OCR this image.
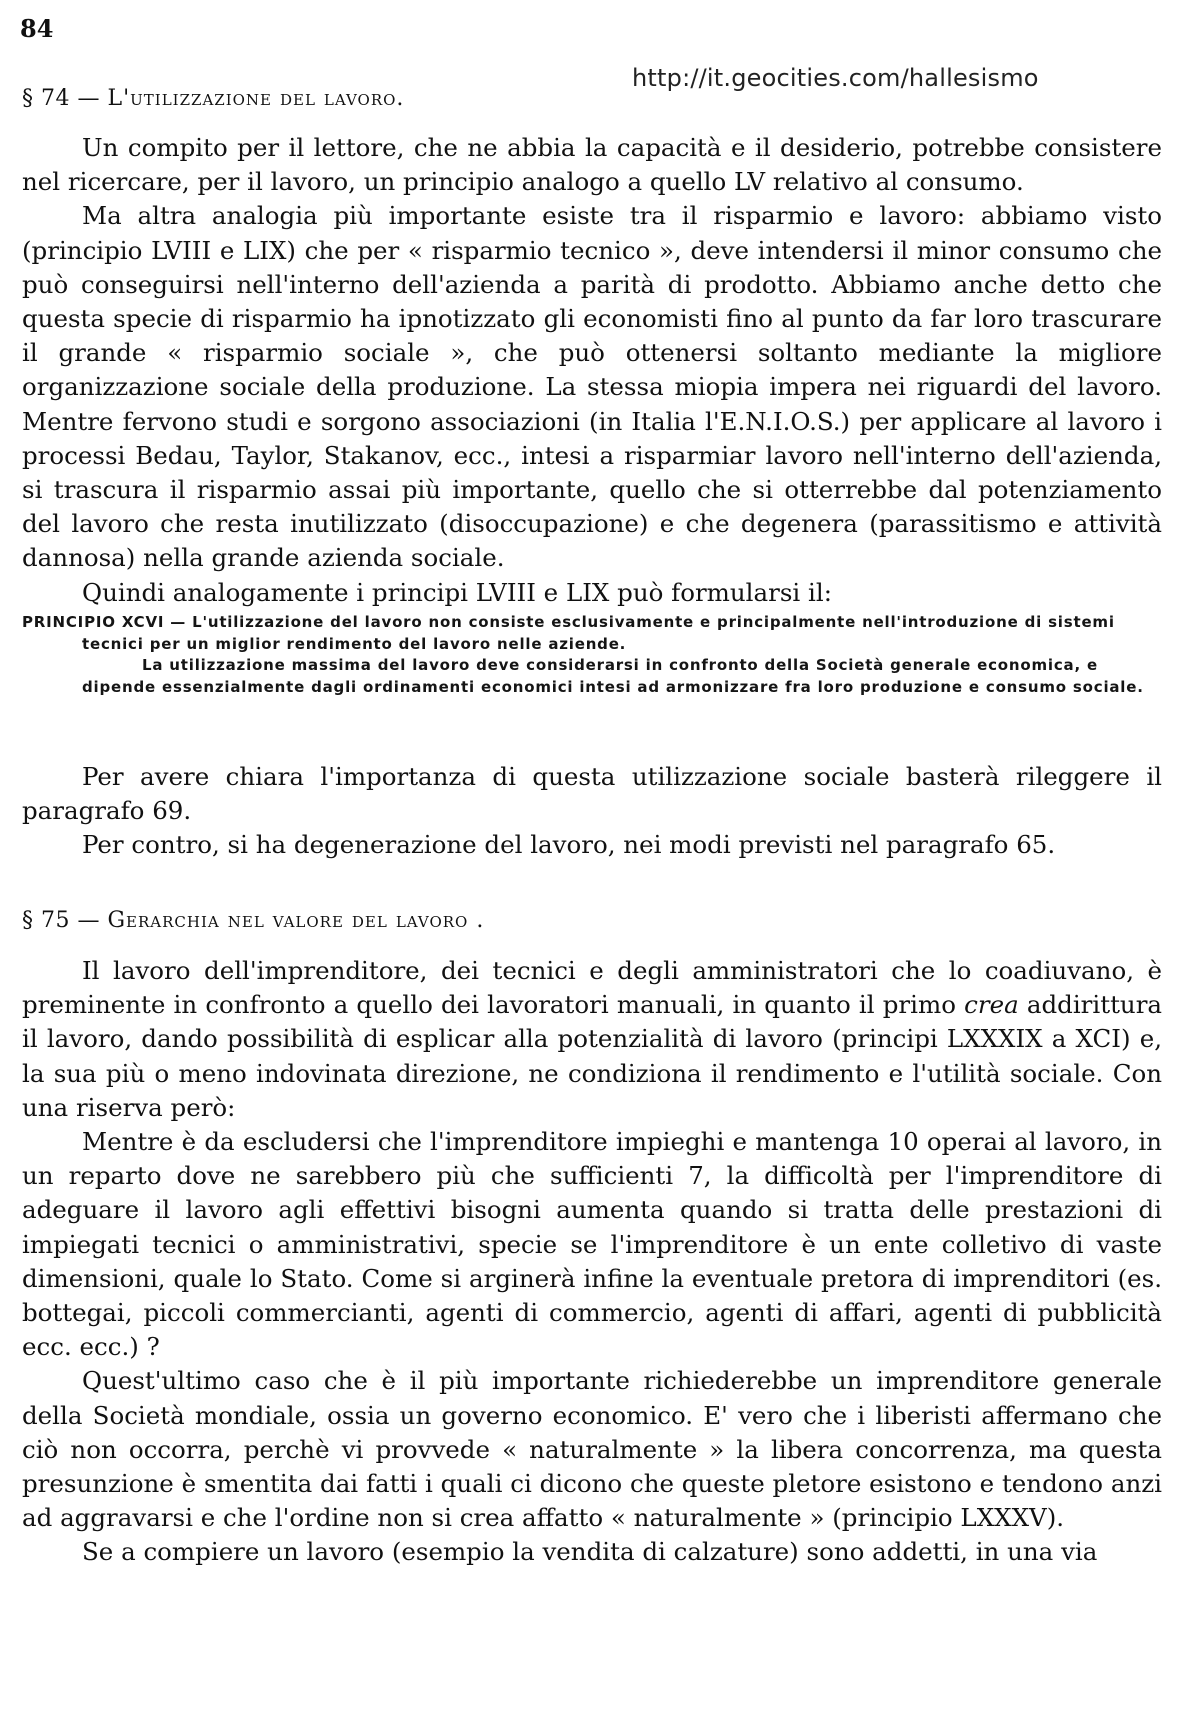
84
http://it.geocities.com/hallesismo
§ 74 — L'utilizzazione del lavoro.

Un compito per il lettore, che ne abbia la capacità e il desiderio, potrebbe consistere nel ricercare, per il lavoro, un principio analogo a quello LV relativo al consumo.

Ma altra analogia più importante esiste tra il risparmio e lavoro: abbiamo visto (principio LVIII e LIX) che per « risparmio tecnico », deve intendersi il minor consumo che può conseguirsi nell'interno dell'azienda a parità di prodotto. Abbiamo anche detto che questa specie di risparmio ha ipnotizzato gli economisti fino al punto da far loro trascurare il grande « risparmio sociale », che può ottenersi soltanto mediante la migliore organizzazione sociale della produzione. La stessa miopia impera nei riguardi del lavoro. Mentre fervono studi e sorgono associazioni (in Italia l'E.N.I.O.S.) per applicare al lavoro i processi Bedau, Taylor, Stakanov, ecc., intesi a risparmiar lavoro nell'interno dell'azienda, si trascura il risparmio assai più importante, quello che si otterrebbe dal potenziamento del lavoro che resta inutilizzato (disoccupazione) e che degenera (parassitismo e attività dannosa) nella grande azienda sociale.

Quindi analogamente i principi LVIII e LIX può formularsi il:

PRINCIPIO XCVI — L'utilizzazione del lavoro non consiste esclusivamente e principalmente nell'introduzione di sistemi tecnici per un miglior rendimento del lavoro nelle aziende.

La utilizzazione massima del lavoro deve considerarsi in confronto della Società generale economica, e dipende essenzialmente dagli ordinamenti economici intesi ad armonizzare fra loro produzione e consumo sociale.

Per avere chiara l'importanza di questa utilizzazione sociale basterà rileggere il paragrafo 69.

Per contro, si ha degenerazione del lavoro, nei modi previsti nel paragrafo 65.

§ 75 — Gerarchia nel valore del lavoro .

Il lavoro dell'imprenditore, dei tecnici e degli amministratori che lo coadiuvano, è preminente in confronto a quello dei lavoratori manuali, in quanto il primo crea addirittura il lavoro, dando possibilità di esplicar alla potenzialità di lavoro (principi LXXXIX a XCI) e, la sua più o meno indovinata direzione, ne condiziona il rendimento e l'utilità sociale. Con una riserva però:

Mentre è da escludersi che l'imprenditore impieghi e mantenga 10 operai al lavoro, in un reparto dove ne sarebbero più che sufficienti 7, la difficoltà per l'imprenditore di adeguare il lavoro agli effettivi bisogni aumenta quando si tratta delle prestazioni di impiegati tecnici o amministrativi, specie se l'imprenditore è un ente colletivo di vaste dimensioni, quale lo Stato. Come si arginerà infine la eventuale pretora di imprenditori (es. bottegai, piccoli commercianti, agenti di commercio, agenti di affari, agenti di pubblicità ecc. ecc.) ?

Quest'ultimo caso che è il più importante richiederebbe un imprenditore generale della Società mondiale, ossia un governo economico. E' vero che i liberisti affermano che ciò non occorra, perchè vi provvede « naturalmente » la libera concorrenza, ma questa presunzione è smentita dai fatti i quali ci dicono che queste pletore esistono e tendono anzi ad aggravarsi e che l'ordine non si crea affatto « naturalmente » (principio LXXXV).

Se a compiere un lavoro (esempio la vendita di calzature) sono addetti, in una via
